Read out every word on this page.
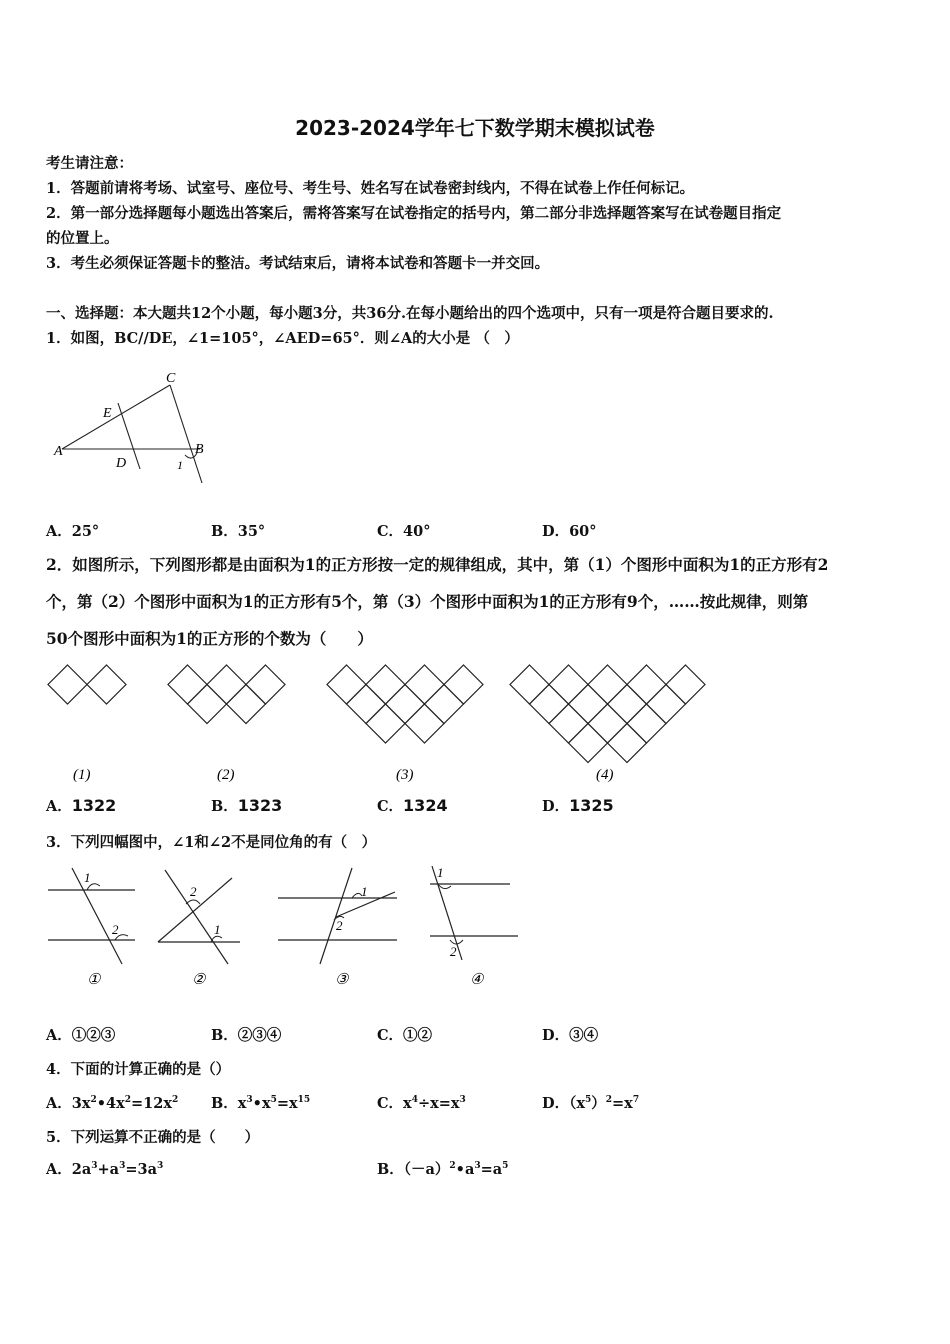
2023-2024学年七下数学期末模拟试卷
考生请注意：
1．答题前请将考场、试室号、座位号、考生号、姓名写在试卷密封线内，不得在试卷上作任何标记。
2．第一部分选择题每小题选出答案后，需将答案写在试卷指定的括号内，第二部分非选择题答案写在试卷题目指定
的位置上。
3．考生必须保证答题卡的整洁。考试结束后，请将本试卷和答题卡一并交回。
一、选择题：本大题共12个小题，每小题3分，共36分.在每小题给出的四个选项中，只有一项是符合题目要求的.
1．如图，BC//DE，∠1=105°，∠AED=65°．则∠A的大小是 （　）
C
E
A
D
B
1
A．25°	B．35°	C．40°	D．60°
2．如图所示，下列图形都是由面积为1的正方形按一定的规律组成，其中，第（1）个图形中面积为1的正方形有2
个，第（2）个图形中面积为1的正方形有5个，第（3）个图形中面积为1的正方形有9个，……按此规律，则第
50个图形中面积为1的正方形的个数为（　　）
(1)	(2)	(3)	(4)
A．1322	B．1323	C．1324	D．1325
3．下列四幅图中，∠1和∠2不是同位角的有（　）
1
2
①
2
1
②
1
2
③
1
2
④
A．①②③	B．②③④	C．①②	D．③④
4．下面的计算正确的是（）
A．$3x^2•4x^2=12x^2$ B．$x^3•x^5=x^{15}$	C．$x^4\div x=x^3$	D．$(x^5)^2=x^7$
5．下列运算不正确的是（　　）
A．$2a^3+a^3=3a^3$	B．$(-a)^2•a^3=a^5$
